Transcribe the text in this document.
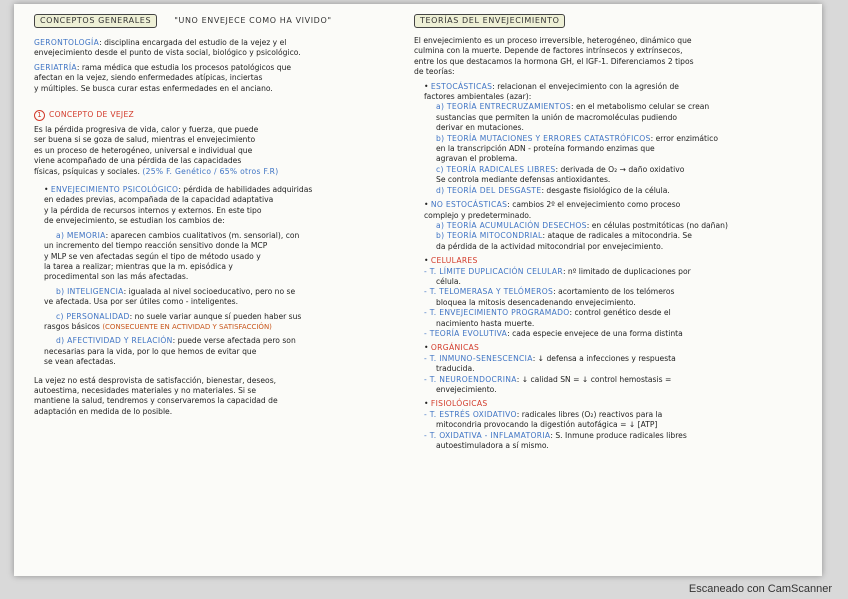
CONCEPTOS GENERALES	"UNO ENVEJECE COMO HA VIVIDO"

GERONTOLOGÍA: disciplina encargada del estudio de la vejez y el

envejecimiento desde el punto de vista social, biológico y psicológico.

GERIATRÍA: rama médica que estudia los procesos patológicos que

afectan en la vejez, siendo enfermedades atípicas, inciertas

y múltiples. Se busca curar estas enfermedades en el anciano.

1 CONCEPTO DE VEJEZ

Es la pérdida progresiva de vida, calor y fuerza, que puede

ser buena si se goza de salud, mientras el envejecimiento

es un proceso de heterogéneo, universal e individual que

viene acompañado de una pérdida de las capacidades

físicas, psíquicas y sociales. (25% F. Genético / 65% otros F.R)

• ENVEJECIMIENTO PSICOLÓGICO: pérdida de habilidades adquiridas

en edades previas, acompañada de la capacidad adaptativa

y la pérdida de recursos internos y externos. En este tipo

de envejecimiento, se estudian los cambios de:

a) MEMORIA: aparecen cambios cualitativos (m. sensorial), con

un incremento del tiempo reacción sensitivo donde la MCP

y MLP se ven afectadas según el tipo de método usado y

la tarea a realizar; mientras que la m. episódica y

procedimental son las más afectadas.

b) INTELIGENCIA: igualada al nivel socioeducativo, pero no se

ve afectada. Usa por ser útiles como - inteligentes.

c) PERSONALIDAD: no suele variar aunque sí pueden haber sus

rasgos básicos (CONSECUENTE EN ACTIVIDAD Y SATISFACCIÓN)

d) AFECTIVIDAD Y RELACIÓN: puede verse afectada pero son

necesarias para la vida, por lo que hemos de evitar que

se vean afectadas.

La vejez no está desprovista de satisfacción, bienestar, deseos,

autoestima, necesidades materiales y no materiales. Si se

mantiene la salud, tendremos y conservaremos la capacidad de

adaptación en medida de lo posible.

TEORÍAS DEL ENVEJECIMIENTO

El envejecimiento es un proceso irreversible, heterogéneo, dinámico que

culmina con la muerte. Depende de factores intrínsecos y extrínsecos,

entre los que destacamos la hormona GH, el IGF-1. Diferenciamos 2 tipos

de teorías:

• ESTOCÁSTICAS: relacionan el envejecimiento con la agresión de

factores ambientales (azar):

a) TEORÍA ENTRECRUZAMIENTOS: en el metabolismo celular se crean

sustancias que permiten la unión de macromoléculas pudiendo

derivar en mutaciones.

b) TEORÍA MUTACIONES Y ERRORES CATASTRÓFICOS: error enzimático

en la transcripción ADN - proteína formando enzimas que

agravan el problema.

c) TEORÍA RADICALES LIBRES: derivada de O₂ → daño oxidativo

Se controla mediante defensas antioxidantes.

d) TEORÍA DEL DESGASTE: desgaste fisiológico de la célula.

• NO ESTOCÁSTICAS: cambios 2º el envejecimiento como proceso

complejo y predeterminado.

a) TEORÍA ACUMULACIÓN DESECHOS: en células postmitóticas (no dañan)

b) TEORÍA MITOCONDRIAL: ataque de radicales a mitocondria. Se

da pérdida de la actividad mitocondrial por envejecimiento.

• CELULARES

- T. LÍMITE DUPLICACIÓN CELULAR: nº limitado de duplicaciones por

célula.

- T. TELOMERASA Y TELÓMEROS: acortamiento de los telómeros

bloquea la mitosis desencadenando envejecimiento.

- T. ENVEJECIMIENTO PROGRAMADO: control genético desde el

nacimiento hasta muerte.

- TEORÍA EVOLUTIVA: cada especie envejece de una forma distinta

• ORGÁNICAS

- T. INMUNO-SENESCENCIA: ↓ defensa a infecciones y respuesta

traducida.

- T. NEUROENDOCRINA: ↓ calidad SN = ↓ control hemostasis =

envejecimiento.

• FISIOLÓGICAS

- T. ESTRÉS OXIDATIVO: radicales libres (O₂) reactivos para la

mitocondria provocando la digestión autofágica = ↓ [ATP]

- T. OXIDATIVA - INFLAMATORIA: S. Inmune produce radicales libres

autoestimuladora a sí mismo.

Escaneado con CamScanner
